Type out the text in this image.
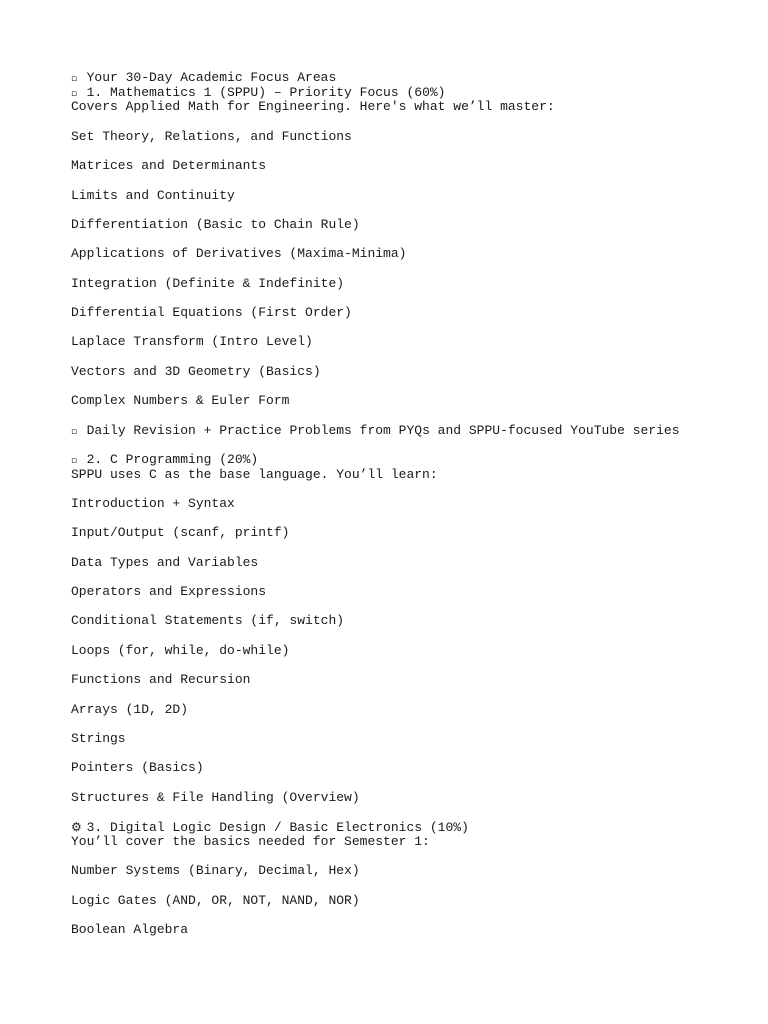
▫  Your 30-Day Academic Focus Areas
▫  1. Mathematics 1 (SPPU) – Priority Focus (60%)
Covers Applied Math for Engineering. Here's what we’ll master:
Set Theory, Relations, and Functions
Matrices and Determinants
Limits and Continuity
Differentiation (Basic to Chain Rule)
Applications of Derivatives (Maxima-Minima)
Integration (Definite & Indefinite)
Differential Equations (First Order)
Laplace Transform (Intro Level)
Vectors and 3D Geometry (Basics)
Complex Numbers & Euler Form
▫  Daily Revision + Practice Problems from PYQs and SPPU-focused YouTube series
▫  2. C Programming (20%)
SPPU uses C as the base language. You’ll learn:
Introduction + Syntax
Input/Output (scanf, printf)
Data Types and Variables
Operators and Expressions
Conditional Statements (if, switch)
Loops (for, while, do-while)
Functions and Recursion
Arrays (1D, 2D)
Strings
Pointers (Basics)
Structures & File Handling (Overview)
⚙  3. Digital Logic Design / Basic Electronics (10%)
You’ll cover the basics needed for Semester 1:
Number Systems (Binary, Decimal, Hex)
Logic Gates (AND, OR, NOT, NAND, NOR)
Boolean Algebra
